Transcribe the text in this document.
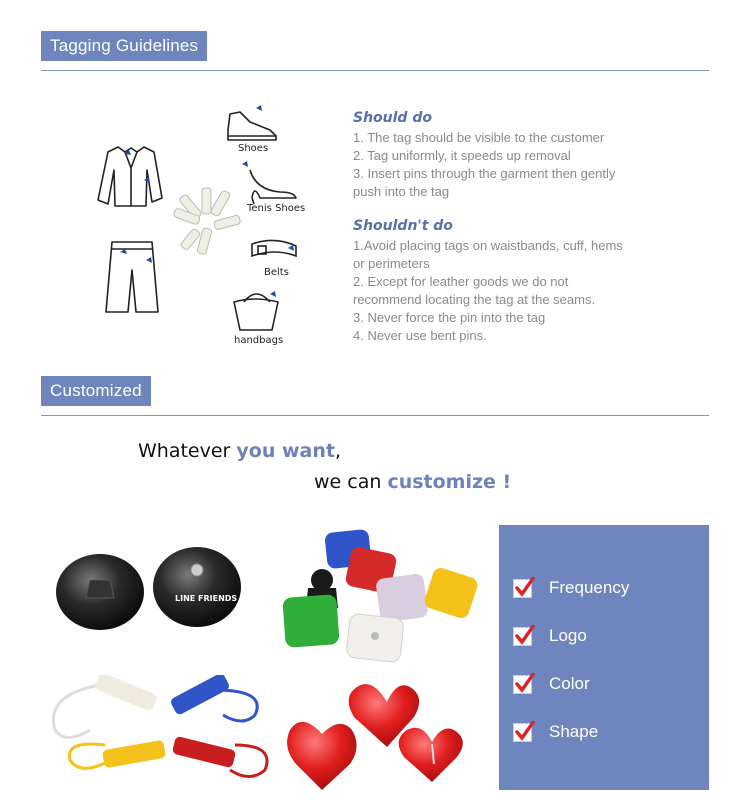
Tagging Guidelines
Shoes
Tenis Shoes
Belts
handbags
Should do
1. The tag should be visible to the customer
2. Tag uniformly, it speeds up removal
3. Insert pins through the garment then gently
push into the tag
Shouldn't do
1.Avoid placing tags on waistbands, cuff, hems
or perimeters
2. Except for leather goods we do not
recommend locating the tag at the seams.
3. Never force the pin into the tag
4. Never use bent pins.
Customized
Whatever you want,
we can customize !
LINE FRIENDS
Frequency
Logo
Color
Shape
